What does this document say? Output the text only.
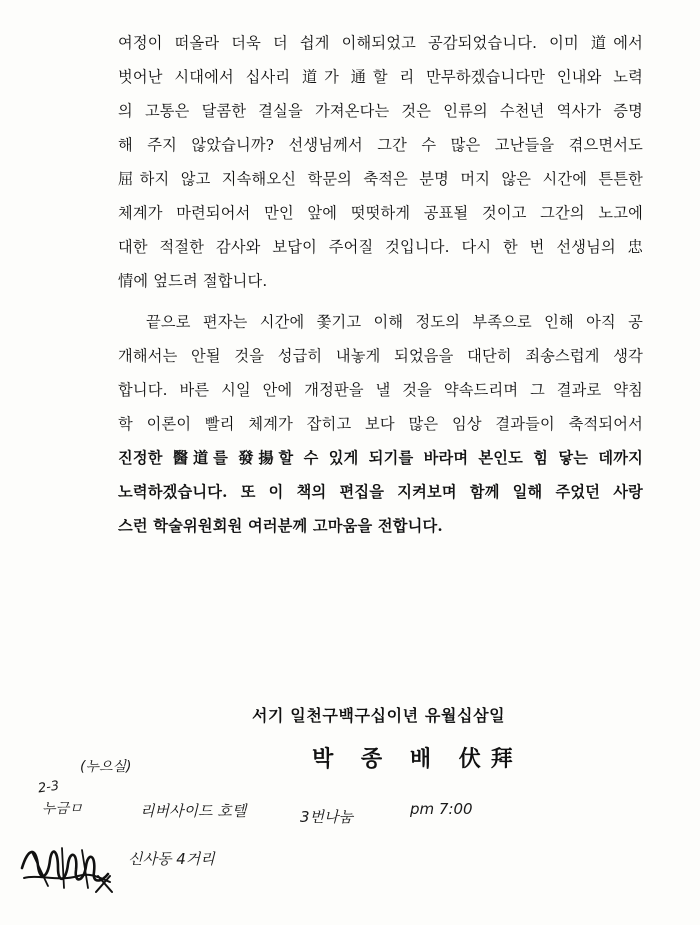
여정이 떠올라 더욱 더 쉽게 이해되었고 공감되었습니다. 이미 道에서
벗어난 시대에서 십사리 道가 通할 리 만무하겠습니다만 인내와 노력
의 고통은 달콤한 결실을 가져온다는 것은 인류의 수천년 역사가 증명
해 주지 않았습니까? 선생님께서 그간 수 많은 고난들을 겪으면서도
屈하지 않고 지속해오신 학문의 축적은 분명 머지 않은 시간에 튼튼한
체계가 마련되어서 만인 앞에 떳떳하게 공표될 것이고 그간의 노고에
대한 적절한 감사와 보답이 주어질 것입니다. 다시 한 번 선생님의 忠
情에 엎드려 절합니다.
끝으로 편자는 시간에 쫓기고 이해 정도의 부족으로 인해 아직 공
개해서는 안될 것을 성급히 내놓게 되었음을 대단히 죄송스럽게 생각
합니다. 바른 시일 안에 개정판을 낼 것을 약속드리며 그 결과로 약침
학 이론이 빨리 체계가 잡히고 보다 많은 임상 결과들이 축적되어서
진정한 醫道를 發揚할 수 있게 되기를 바라며 본인도 힘 닿는 데까지
노력하겠습니다. 또 이 책의 편집을 지켜보며 함께 일해 주었던 사랑
스런 학술위원회원 여러분께 고마움을 전합니다.
서기 일천구백구십이년 유월십삼일
박 종 배 伏拜
2-3
(누으실)
누금ㅁ	리버사이드 호텔	3번나눔	pm 7:00
신사동 4거리
